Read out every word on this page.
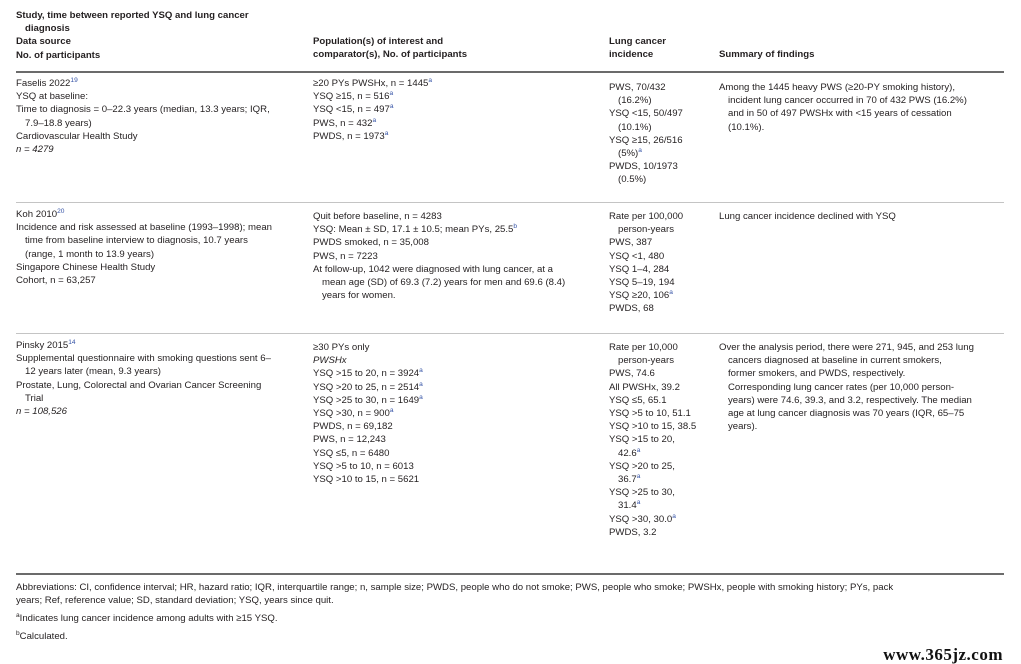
Study, time between reported YSQ and lung cancer
diagnosis
Data source
No. of participants
Population(s) of interest and
comparator(s), No. of participants
Lung cancer
incidence	Summary of findings
Faselis 2022$^{19}$
YSQ at baseline:
Time to diagnosis = 0–22.3 years (median, 13.3 years; IQR,
7.9–18.8 years)
Cardiovascular Health Study
n = 4279
≥20 PYs PWSHx, n = 1445$^a$
YSQ ≥15, n = 516$^a$
YSQ <15, n = 497$^a$
PWS, n = 432$^a$
PWDS, n = 1973$^a$
PWS, 70/432
(16.2%)
YSQ <15, 50/497
(10.1%)
YSQ ≥15, 26/516
(5%)$^a$
PWDS, 10/1973
(0.5%)
Among the 1445 heavy PWS (≥20-PY smoking history),
incident lung cancer occurred in 70 of 432 PWS (16.2%)
and in 50 of 497 PWSHx with <15 years of cessation
(10.1%).
Koh 2010$^{20}$
Incidence and risk assessed at baseline (1993–1998); mean
time from baseline interview to diagnosis, 10.7 years
(range, 1 month to 13.9 years)
Singapore Chinese Health Study
Cohort, n = 63,257
Quit before baseline, n = 4283
YSQ: Mean ± SD, 17.1 ± 10.5; mean PYs, 25.5$^b$
PWDS smoked, n = 35,008
PWS, n = 7223
At follow-up, 1042 were diagnosed with lung cancer, at a
mean age (SD) of 69.3 (7.2) years for men and 69.6 (8.4)
years for women.
Rate per 100,000
person-years
PWS, 387
YSQ <1, 480
YSQ 1–4, 284
YSQ 5–19, 194
YSQ ≥20, 106$^a$
PWDS, 68
Lung cancer incidence declined with YSQ
Pinsky 2015$^{14}$
Supplemental questionnaire with smoking questions sent 6–
12 years later (mean, 9.3 years)
Prostate, Lung, Colorectal and Ovarian Cancer Screening
Trial
n = 108,526
≥30 PYs only
PWSHx
YSQ >15 to 20, n = 3924$^a$
YSQ >20 to 25, n = 2514$^a$
YSQ >25 to 30, n = 1649$^a$
YSQ >30, n = 900$^a$
PWDS, n = 69,182
PWS, n = 12,243
YSQ ≤5, n = 6480
YSQ >5 to 10, n = 6013
YSQ >10 to 15, n = 5621
Rate per 10,000
person-years
PWS, 74.6
All PWSHx, 39.2
YSQ ≤5, 65.1
YSQ >5 to 10, 51.1
YSQ >10 to 15, 38.5
YSQ >15 to 20,
42.6$^a$
YSQ >20 to 25,
36.7$^a$
YSQ >25 to 30,
31.4$^a$
YSQ >30, 30.0$^a$
PWDS, 3.2
Over the analysis period, there were 271, 945, and 253 lung
cancers diagnosed at baseline in current smokers,
former smokers, and PWDS, respectively.
Corresponding lung cancer rates (per 10,000 person-
years) were 74.6, 39.3, and 3.2, respectively. The median
age at lung cancer diagnosis was 70 years (IQR, 65–75
years).
Abbreviations: CI, confidence interval; HR, hazard ratio; IQR, interquartile range; n, sample size; PWDS, people who do not smoke; PWS, people who smoke; PWSHx, people with smoking history; PYs, pack
years; Ref, reference value; SD, standard deviation; YSQ, years since quit.
$^a$Indicates lung cancer incidence among adults with ≥15 YSQ.
$^b$Calculated.
www.365jz.com
